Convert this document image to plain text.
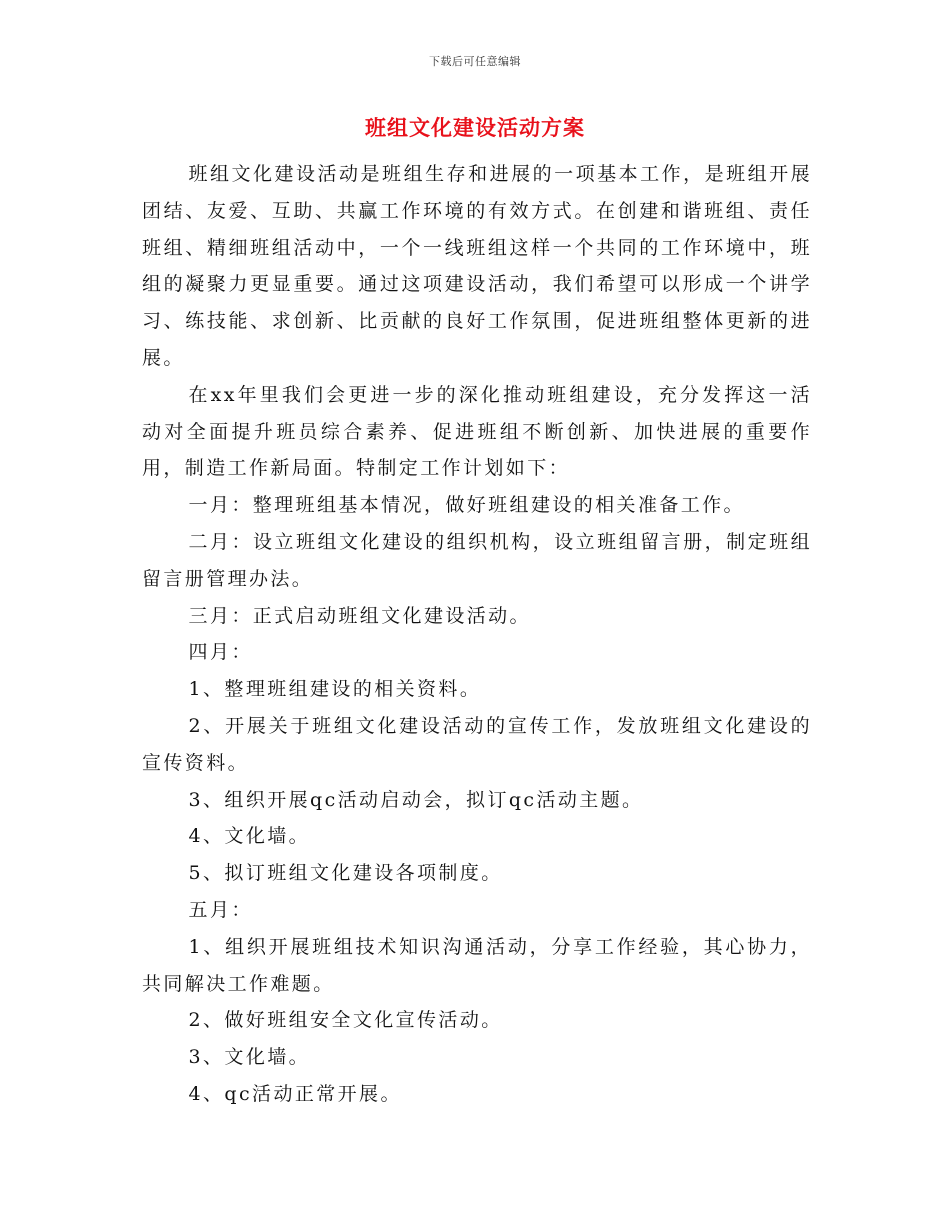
下载后可任意编辑
班组文化建设活动方案

班组文化建设活动是班组生存和进展的一项基本工作，是班组开展团结、友爱、互助、共赢工作环境的有效方式。在创建和谐班组、责任班组、精细班组活动中，一个一线班组这样一个共同的工作环境中，班组的凝聚力更显重要。通过这项建设活动，我们希望可以形成一个讲学习、练技能、求创新、比贡献的良好工作氛围，促进班组整体更新的进展。

在xx年里我们会更进一步的深化推动班组建设，充分发挥这一活动对全面提升班员综合素养、促进班组不断创新、加快进展的重要作用，制造工作新局面。特制定工作计划如下：

一月：整理班组基本情况，做好班组建设的相关准备工作。

二月：设立班组文化建设的组织机构，设立班组留言册，制定班组留言册管理办法。

三月：正式启动班组文化建设活动。

四月：

1、整理班组建设的相关资料。

2、开展关于班组文化建设活动的宣传工作，发放班组文化建设的宣传资料。

3、组织开展qc活动启动会，拟订qc活动主题。

4、文化墙。

5、拟订班组文化建设各项制度。

五月：

1、组织开展班组技术知识沟通活动，分享工作经验，其心协力，共同解决工作难题。

2、做好班组安全文化宣传活动。

3、文化墙。

4、qc活动正常开展。
